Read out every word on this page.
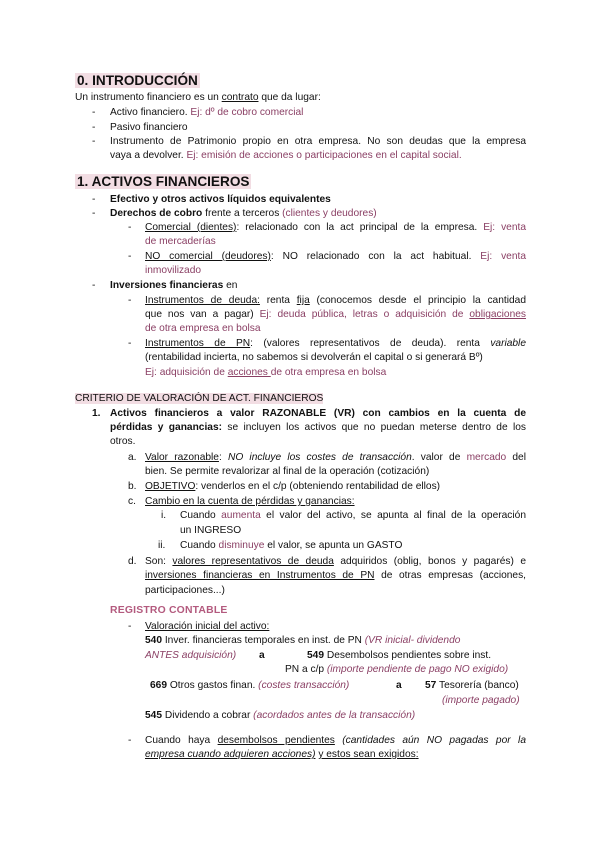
0. INTRODUCCIÓN
Un instrumento financiero es un contrato que da lugar:
- Activo financiero. Ej: dº de cobro comercial
- Pasivo financiero
- Instrumento de Patrimonio propio en otra empresa. No son deudas que la empresa
vaya a devolver. Ej: emisión de acciones o participaciones en el capital social.
1. ACTIVOS FINANCIEROS
- Efectivo y otros activos líquidos equivalentes
- Derechos de cobro frente a terceros (clientes y deudores)
- Comercial (dientes): relacionado con la act principal de la empresa. Ej: venta
de mercaderías
- NO comercial (deudores): NO relacionado con la act habitual. Ej: venta
inmovilizado
- Inversiones financieras en
- Instrumentos de deuda: renta fija (conocemos desde el principio la cantidad
que nos van a pagar) Ej: deuda pública, letras o adquisición de obligaciones
de otra empresa en bolsa
- Instrumentos de PN: (valores representativos de deuda). renta variable
(rentabilidad incierta, no sabemos si devolverán el capital o si generará Bº)
Ej: adquisición de acciones de otra empresa en bolsa
CRITERIO DE VALORACIÓN DE ACT. FINANCIEROS
1. Activos financieros a valor RAZONABLE (VR) con cambios en la cuenta de
pérdidas y ganancias: se incluyen los activos que no puedan meterse dentro de los
otros.
a. Valor razonable: NO incluye los costes de transacción. valor de mercado del
bien. Se permite revalorizar al final de la operación (cotización)
b. OBJETIVO: venderlos en el c/p (obteniendo rentabilidad de ellos)
c. Cambio en la cuenta de pérdidas y ganancias:
i. Cuando aumenta el valor del activo, se apunta al final de la operación
un INGRESO
ii. Cuando disminuye el valor, se apunta un GASTO
d. Son: valores representativos de deuda adquiridos (oblig, bonos y pagarés) e
inversiones financieras en Instrumentos de PN de otras empresas (acciones,
participaciones...)
REGISTRO CONTABLE
- Valoración inicial del activo:
540 Inver. financieras temporales en inst. de PN (VR inicial- dividendo
ANTES adquisición) a	549 Desembolsos pendientes sobre inst.
PN a c/p (importe pendiente de pago NO exigido)
669 Otros gastos finan. (costes transacción)	a 57 Tesorería (banco)
(importe pagado)
545 Dividendo a cobrar (acordados antes de la transacción)
- Cuando haya desembolsos pendientes (cantidades aún NO pagadas por la
empresa cuando adquieren acciones) y estos sean exigidos:
